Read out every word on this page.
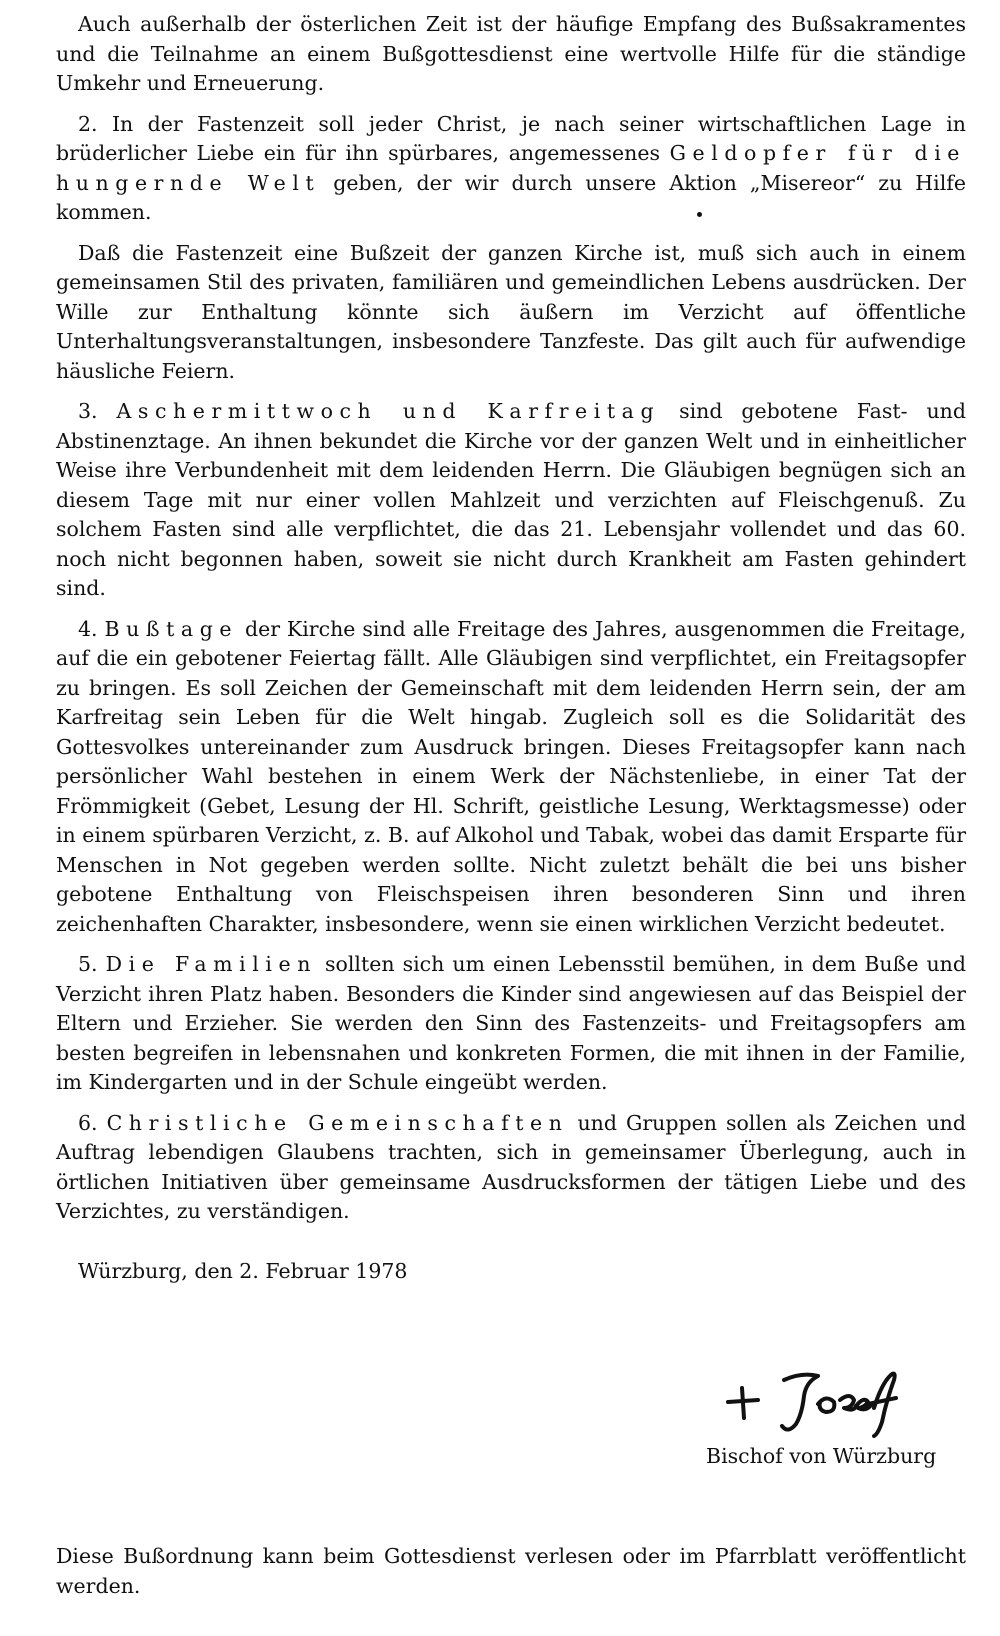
Auch außerhalb der österlichen Zeit ist der häufige Empfang des Bußsakramentes und die Teilnahme an einem Bußgottesdienst eine wertvolle Hilfe für die ständige Umkehr und Erneuerung.

2. In der Fastenzeit soll jeder Christ, je nach seiner wirtschaftlichen Lage in brüderlicher Liebe ein für ihn spürbares, angemessenes Geldopfer für die hungernde Welt geben, der wir durch unsere Aktion „Misereor“ zu Hilfe kommen.

Daß die Fastenzeit eine Bußzeit der ganzen Kirche ist, muß sich auch in einem gemeinsamen Stil des privaten, familiären und gemeindlichen Lebens ausdrücken. Der Wille zur Enthaltung könnte sich äußern im Verzicht auf öffentliche Unterhaltungsveranstaltungen, insbesondere Tanzfeste. Das gilt auch für aufwendige häusliche Feiern.

3. Aschermittwoch und Karfreitag sind gebotene Fast- und Abstinenztage. An ihnen bekundet die Kirche vor der ganzen Welt und in einheitlicher Weise ihre Verbundenheit mit dem leidenden Herrn. Die Gläubigen begnügen sich an diesem Tage mit nur einer vollen Mahlzeit und verzichten auf Fleischgenuß. Zu solchem Fasten sind alle verpflichtet, die das 21. Lebensjahr vollendet und das 60. noch nicht begonnen haben, soweit sie nicht durch Krankheit am Fasten gehindert sind.

4. Bußtage der Kirche sind alle Freitage des Jahres, ausgenommen die Freitage, auf die ein gebotener Feiertag fällt. Alle Gläubigen sind verpflichtet, ein Freitagsopfer zu bringen. Es soll Zeichen der Gemeinschaft mit dem leidenden Herrn sein, der am Karfreitag sein Leben für die Welt hingab. Zugleich soll es die Solidarität des Gottesvolkes untereinander zum Ausdruck bringen. Dieses Freitagsopfer kann nach persönlicher Wahl bestehen in einem Werk der Nächstenliebe, in einer Tat der Frömmigkeit (Gebet, Lesung der Hl. Schrift, geistliche Lesung, Werktagsmesse) oder in einem spürbaren Verzicht, z. B. auf Alkohol und Tabak, wobei das damit Ersparte für Menschen in Not gegeben werden sollte. Nicht zuletzt behält die bei uns bisher gebotene Enthaltung von Fleischspeisen ihren besonderen Sinn und ihren zeichenhaften Charakter, insbesondere, wenn sie einen wirklichen Verzicht bedeutet.

5. Die Familien sollten sich um einen Lebensstil bemühen, in dem Buße und Verzicht ihren Platz haben. Besonders die Kinder sind angewiesen auf das Beispiel der Eltern und Erzieher. Sie werden den Sinn des Fastenzeits- und Freitagsopfers am besten begreifen in lebensnahen und konkreten Formen, die mit ihnen in der Familie, im Kindergarten und in der Schule eingeübt werden.

6. Christliche Gemeinschaften und Gruppen sollen als Zeichen und Auftrag lebendigen Glaubens trachten, sich in gemeinsamer Überlegung, auch in örtlichen Initiativen über gemeinsame Ausdrucksformen der tätigen Liebe und des Verzichtes, zu verständigen.

Würzburg, den 2. Februar 1978
Bischof von Würzburg
Diese Bußordnung kann beim Gottesdienst verlesen oder im Pfarrblatt veröffentlicht werden.
